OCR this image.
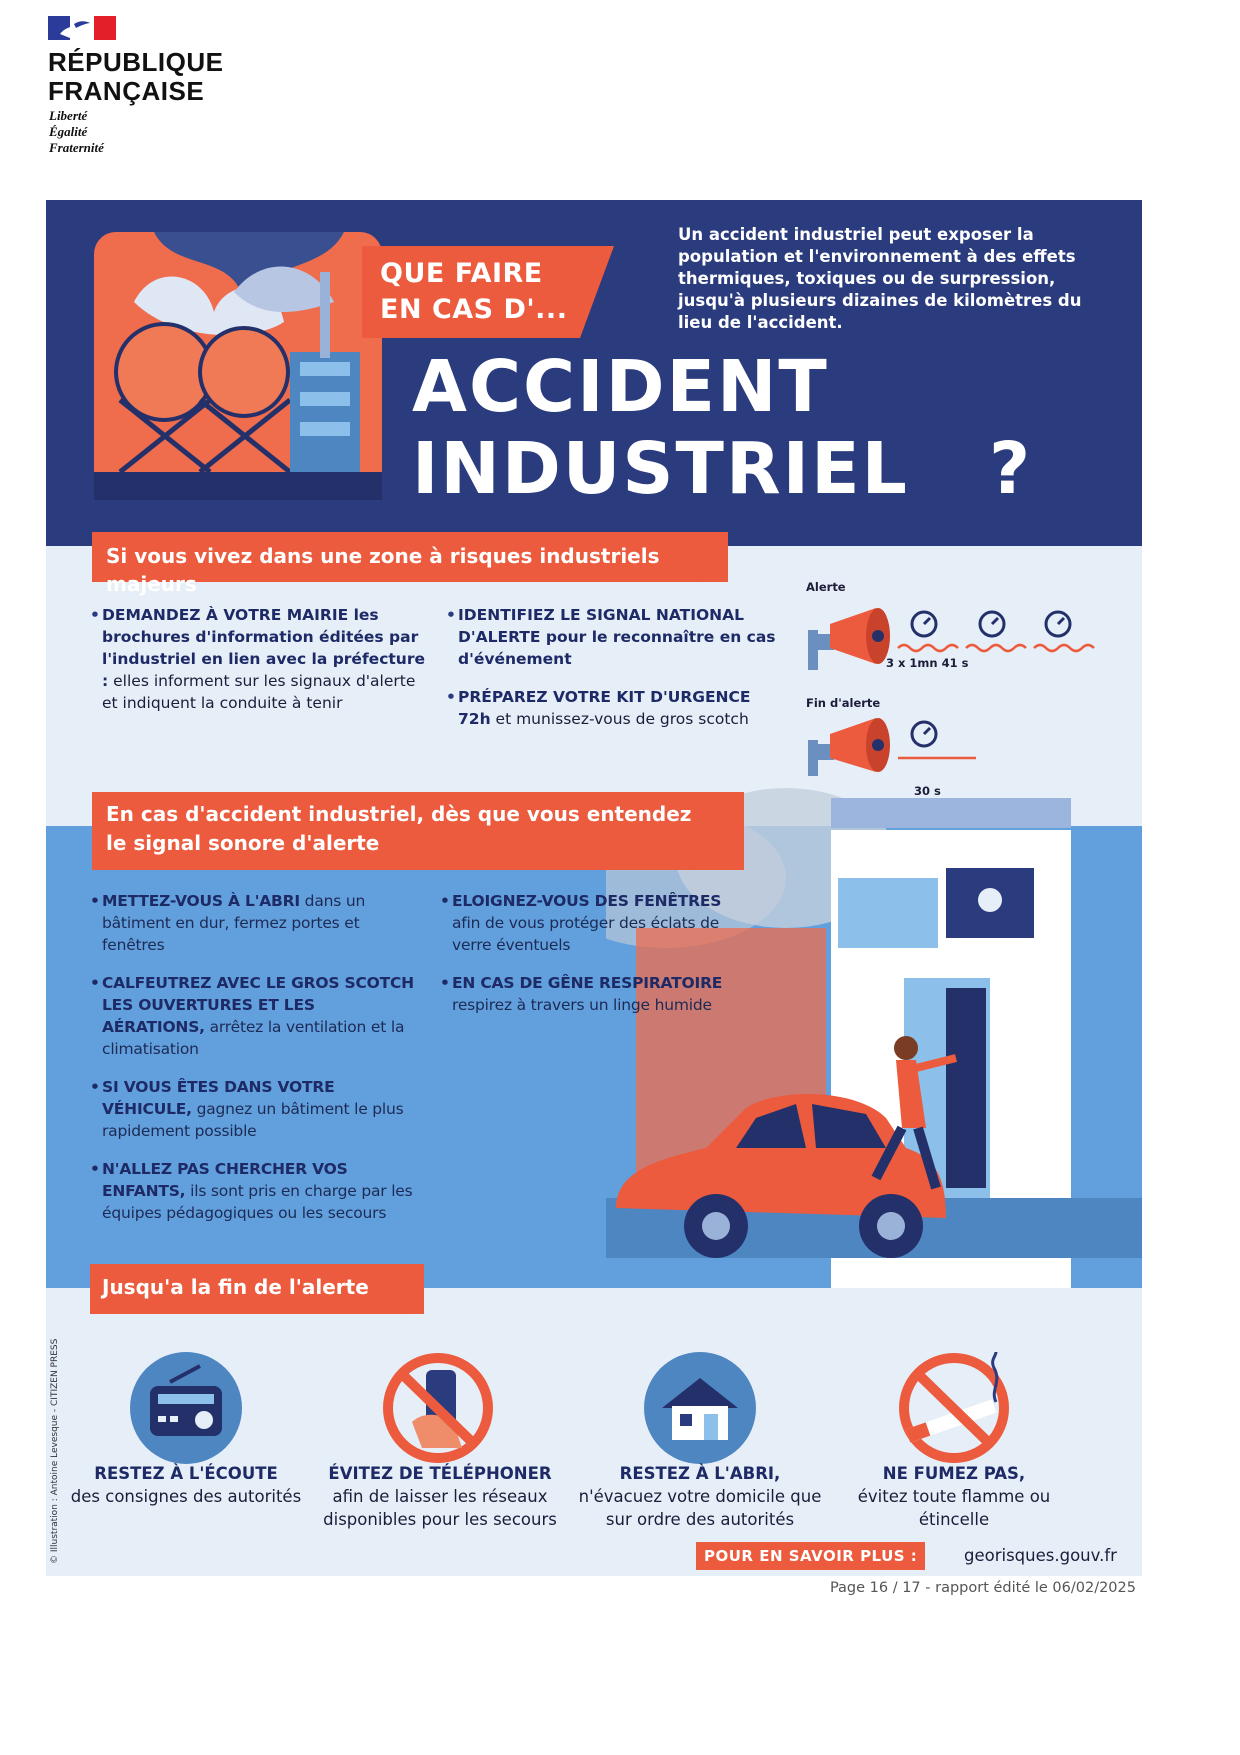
RÉPUBLIQUE
FRANÇAISE
Liberté
Égalité
Fraternité
QUE FAIRE
EN CAS D'...
Un accident industriel peut exposer la population et l'environnement à des effets thermiques, toxiques ou de surpression, jusqu'à plusieurs dizaines de kilomètres du lieu de l'accident.
ACCIDENT
INDUSTRIEL   ?
Si vous vivez dans une zone à risques industriels majeurs
• DEMANDEZ À VOTRE MAIRIE les brochures d'information éditées par l'industriel en lien avec la préfecture : elles informent sur les signaux d'alerte et indiquent la conduite à tenir
• IDENTIFIEZ LE SIGNAL NATIONAL D'ALERTE pour le reconnaître en cas d'événement
• PRÉPAREZ VOTRE KIT D'URGENCE 72h et munissez-vous de gros scotch
Alerte
3 x 1mn 41 s
Fin d'alerte
30 s
En cas d'accident industriel, dès que vous entendez
le signal sonore d'alerte
• METTEZ-VOUS À L'ABRI dans un bâtiment en dur, fermez portes et fenêtres
• CALFEUTREZ AVEC LE GROS SCOTCH LES OUVERTURES ET LES AÉRATIONS, arrêtez la ventilation et la climatisation
• SI VOUS ÊTES DANS VOTRE VÉHICULE, gagnez un bâtiment le plus rapidement possible
• N'ALLEZ PAS CHERCHER VOS ENFANTS, ils sont pris en charge par les équipes pédagogiques ou les secours
• ELOIGNEZ-VOUS DES FENÊTRES afin de vous protéger des éclats de verre éventuels
• EN CAS DE GÊNE RESPIRATOIRE respirez à travers un linge humide
Jusqu'a la fin de l'alerte
RESTEZ À L'ÉCOUTE
des consignes des autorités
ÉVITEZ DE TÉLÉPHONER
afin de laisser les réseaux disponibles pour les secours
RESTEZ À L'ABRI,
n'évacuez votre domicile que sur ordre des autorités
NE FUMEZ PAS,
évitez toute flamme ou étincelle
POUR EN SAVOIR PLUS :	georisques.gouv.fr
© Illustration : Antoine Levesque - CITIZEN PRESS
Page 16 / 17 - rapport édité le 06/02/2025
